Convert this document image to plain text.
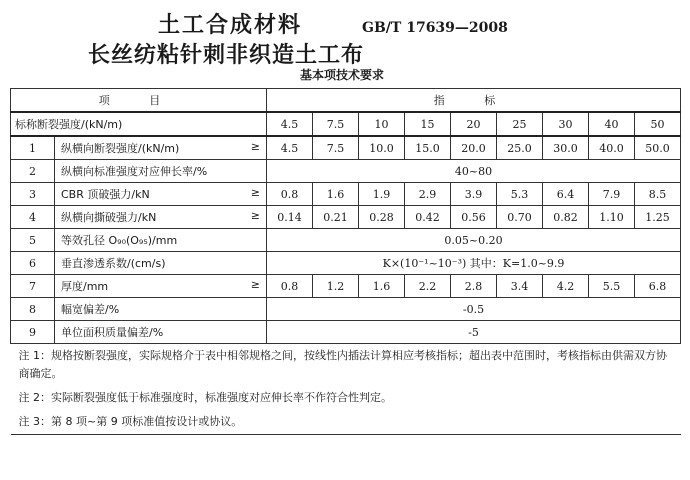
土工合成材料	GB/T 17639—2008
长丝纺粘针刺非织造土工布
基本项技术要求
项 目		指 标								
标称断裂强度/(kN/m)		4.5	7.5	10	15	20	25	30	40	50
1	纵横向断裂强度/(kN/m) ≥	4.5	7.5	10.0	15.0	20.0	25.0	30.0	40.0	50.0
2	纵横向标准强度对应伸长率/%	40~80								
3	CBR 顶破强力/kN ≥	0.8	1.6	1.9	2.9	3.9	5.3	6.4	7.9	8.5
4	纵横向撕破强力/kN ≥	0.14	0.21	0.28	0.42	0.56	0.70	0.82	1.10	1.25
5	等效孔径 O₉₀(O₉₅)/mm	0.05~0.20								
6	垂直渗透系数/(cm/s)	K×(10⁻¹~10⁻³) 其中：K=1.0~9.9								
7	厚度/mm ≥	0.8	1.2	1.6	2.2	2.8	3.4	4.2	5.5	6.8
8	幅宽偏差/%	-0.5								
9	单位面积质量偏差/%	-5								
注 1：规格按断裂强度，实际规格介于表中相邻规格之间，按线性内插法计算相应考核指标；超出表中范围时，考核指标由供需双方协商确定。										
注 2：实际断裂强度低于标准强度时，标准强度对应伸长率不作符合性判定。										
注 3：第 8 项~第 9 项标准值按设计或协议。										
